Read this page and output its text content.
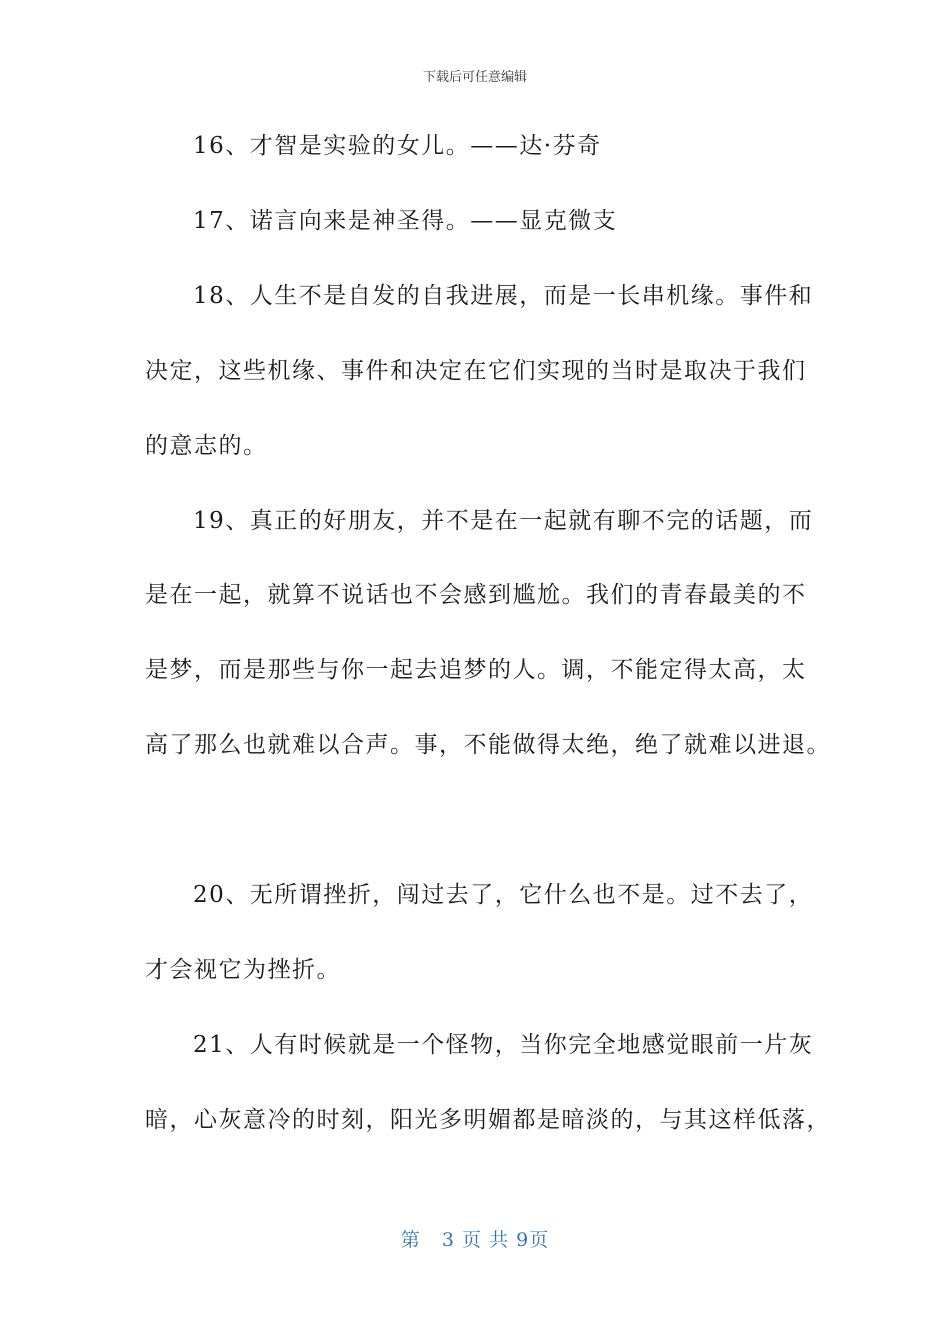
下载后可任意编辑
16、才智是实验的女儿。——达·芬奇
17、诺言向来是神圣得。——显克微支
18、人生不是自发的自我进展，而是一长串机缘。事件和
决定，这些机缘、事件和决定在它们实现的当时是取决于我们
的意志的。
19、真正的好朋友，并不是在一起就有聊不完的话题，而
是在一起，就算不说话也不会感到尴尬。我们的青春最美的不
是梦，而是那些与你一起去追梦的人。调，不能定得太高，太
高了那么也就难以合声。事，不能做得太绝，绝了就难以进退。
20、无所谓挫折，闯过去了，它什么也不是。过不去了，
才会视它为挫折。
21、人有时候就是一个怪物，当你完全地感觉眼前一片灰
暗，心灰意冷的时刻，阳光多明媚都是暗淡的，与其这样低落，
第 3 页 共 9页
